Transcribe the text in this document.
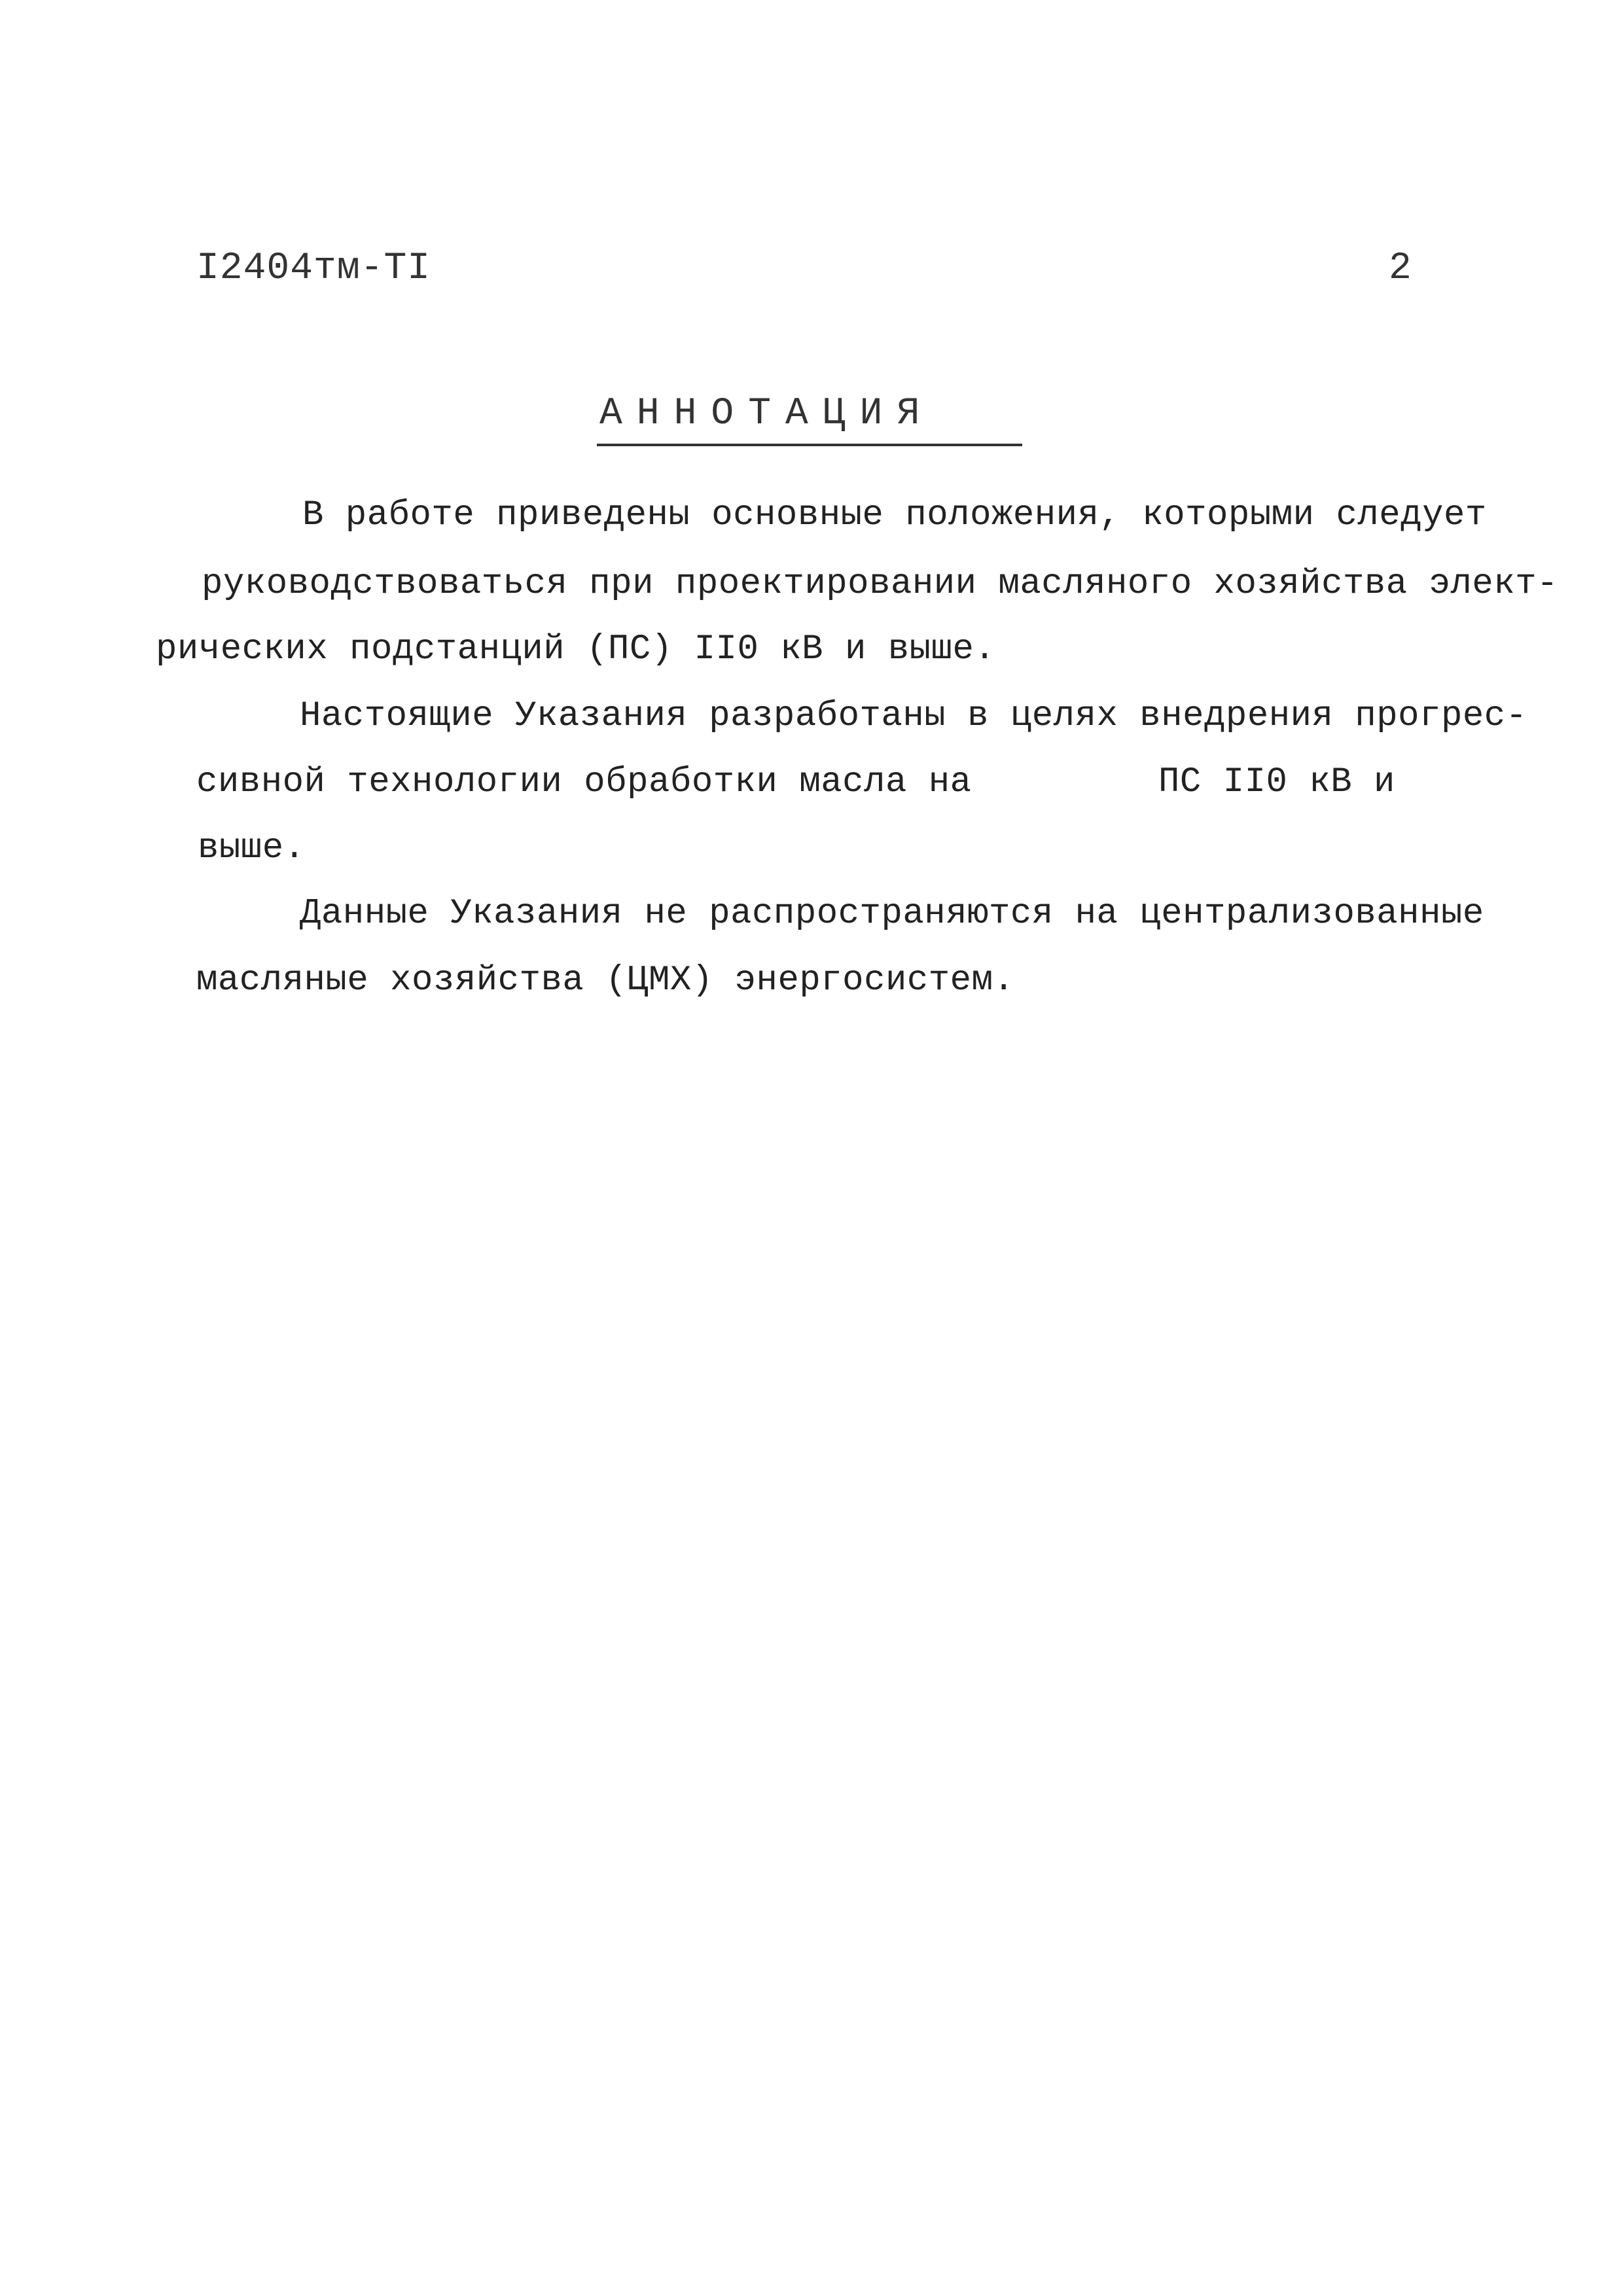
I2404тм-TI	2
АННОТАЦИЯ
В работе приведены основные положения, которыми следует
руководствоваться при проектировании масляного хозяйства элект-
рических подстанций (ПС) II0 кВ и выше.
Настоящие Указания разработаны в целях внедрения прогрес-
сивной технологии обработки масла на	ПС II0 кВ и
выше.
Данные Указания не распространяются на централизованные
масляные хозяйства (ЦМХ) энергосистем.
